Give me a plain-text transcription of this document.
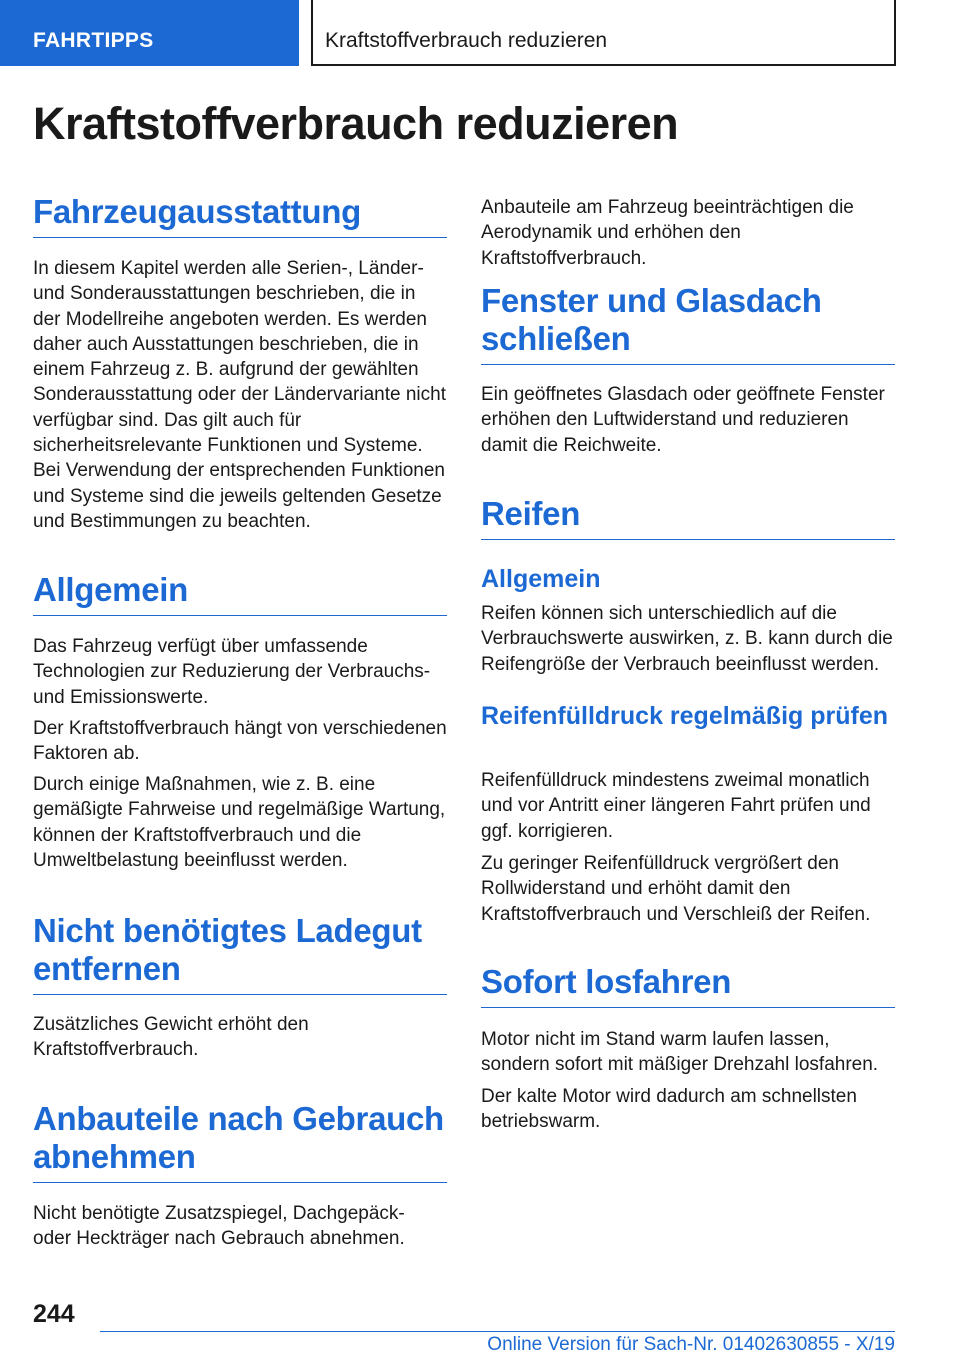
FAHRTIPPS	Kraftstoffverbrauch reduzieren
Kraftstoffverbrauch reduzieren
Fahrzeugausstattung

In diesem Kapitel werden alle Serien-, Länder- und Sonderausstattungen beschrieben, die in der Modellreihe angeboten werden. Es werden daher auch Ausstattungen beschrieben, die in einem Fahrzeug z. B. aufgrund der gewählten Sonderausstattung oder der Ländervariante nicht verfügbar sind. Das gilt auch für sicherheitsrelevante Funktionen und Systeme. Bei Verwendung der entsprechenden Funktionen und Systeme sind die jeweils geltenden Gesetze und Bestimmungen zu beachten.

Allgemein

Das Fahrzeug verfügt über umfassende Technologien zur Reduzierung der Verbrauchs- und Emissionswerte.

Der Kraftstoffverbrauch hängt von verschiedenen Faktoren ab.

Durch einige Maßnahmen, wie z. B. eine gemäßigte Fahrweise und regelmäßige Wartung, können der Kraftstoffverbrauch und die Umweltbelastung beeinflusst werden.

Nicht benötigtes Ladegut entfernen

Zusätzliches Gewicht erhöht den Kraftstoffverbrauch.

Anbauteile nach Gebrauch abnehmen

Nicht benötigte Zusatzspiegel, Dachgepäck- oder Heckträger nach Gebrauch abnehmen.

Anbauteile am Fahrzeug beeinträchtigen die Aerodynamik und erhöhen den Kraftstoffverbrauch.

Fenster und Glasdach schließen

Ein geöffnetes Glasdach oder geöffnete Fenster erhöhen den Luftwiderstand und reduzieren damit die Reichweite.

Reifen
Allgemein

Reifen können sich unterschiedlich auf die Verbrauchswerte auswirken, z. B. kann durch die Reifengröße der Verbrauch beeinflusst werden.

Reifenfülldruck regelmäßig prüfen

Reifenfülldruck mindestens zweimal monatlich und vor Antritt einer längeren Fahrt prüfen und ggf. korrigieren.

Zu geringer Reifenfülldruck vergrößert den Rollwiderstand und erhöht damit den Kraftstoffverbrauch und Verschleiß der Reifen.

Sofort losfahren

Motor nicht im Stand warm laufen lassen, sondern sofort mit mäßiger Drehzahl losfahren.

Der kalte Motor wird dadurch am schnellsten betriebswarm.

244
Online Version für Sach-Nr. 01402630855 - X/19
